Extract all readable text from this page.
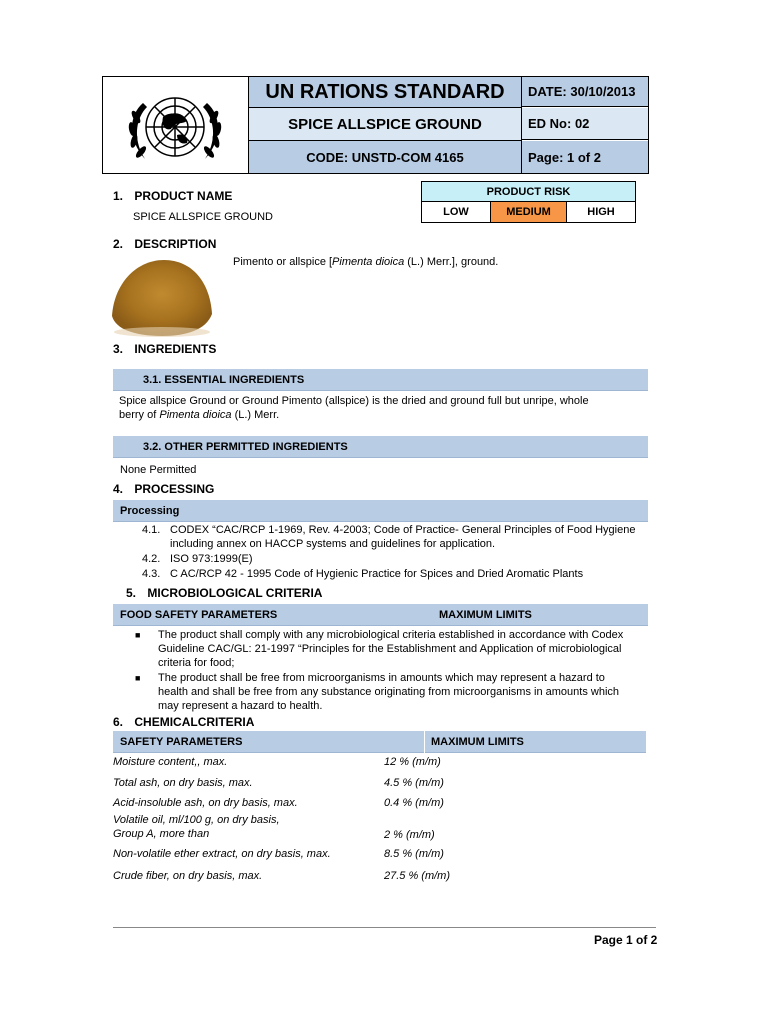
UN RATIONS STANDARD
SPICE ALLSPICE GROUND
CODE: UNSTD-COM 4165
DATE: 30/10/2013
ED No: 02
Page: 1 of 2
1. PRODUCT NAME
SPICE ALLSPICE GROUND
PRODUCT RISK
LOW	MEDIUM	HIGH
2. DESCRIPTION
Pimento or allspice [Pimenta dioica (L.) Merr.], ground.
3. INGREDIENTS
3.1. ESSENTIAL INGREDIENTS
Spice allspice Ground or Ground Pimento (allspice) is the dried and ground full but unripe, whole
berry of Pimenta dioica (L.) Merr.
3.2. OTHER PERMITTED INGREDIENTS
None Permitted
4. PROCESSING
Processing
4.1. CODEX “CAC/RCP 1-1969, Rev. 4-2003; Code of Practice- General Principles of Food Hygiene
including annex on HACCP systems and guidelines for application.
4.2. ISO 973:1999(E)
4.3. C AC/RCP 42 - 1995 Code of Hygienic Practice for Spices and Dried Aromatic Plants
5. MICROBIOLOGICAL CRITERIA
FOOD SAFETY PARAMETERS	MAXIMUM LIMITS
■ The product shall comply with any microbiological criteria established in accordance with Codex
Guideline CAC/GL: 21-1997 “Principles for the Establishment and Application of microbiological
criteria for food;
■ The product shall be free from microorganisms in amounts which may represent a hazard to
health and shall be free from any substance originating from microorganisms in amounts which
may represent a hazard to health.
6. CHEMICALCRITERIA
SAFETY PARAMETERS	MAXIMUM LIMITS
Moisture content,, max.	12 % (m/m)
Total ash, on dry basis, max.	4.5 % (m/m)
Acid-insoluble ash, on dry basis, max.	0.4 % (m/m)
Volatile oil, ml/100 g, on dry basis,
Group A, more than	2 % (m/m)
Non-volatile ether extract, on dry basis, max.	8.5 % (m/m)
Crude fiber, on dry basis, max.	27.5 % (m/m)
Page 1 of 2
